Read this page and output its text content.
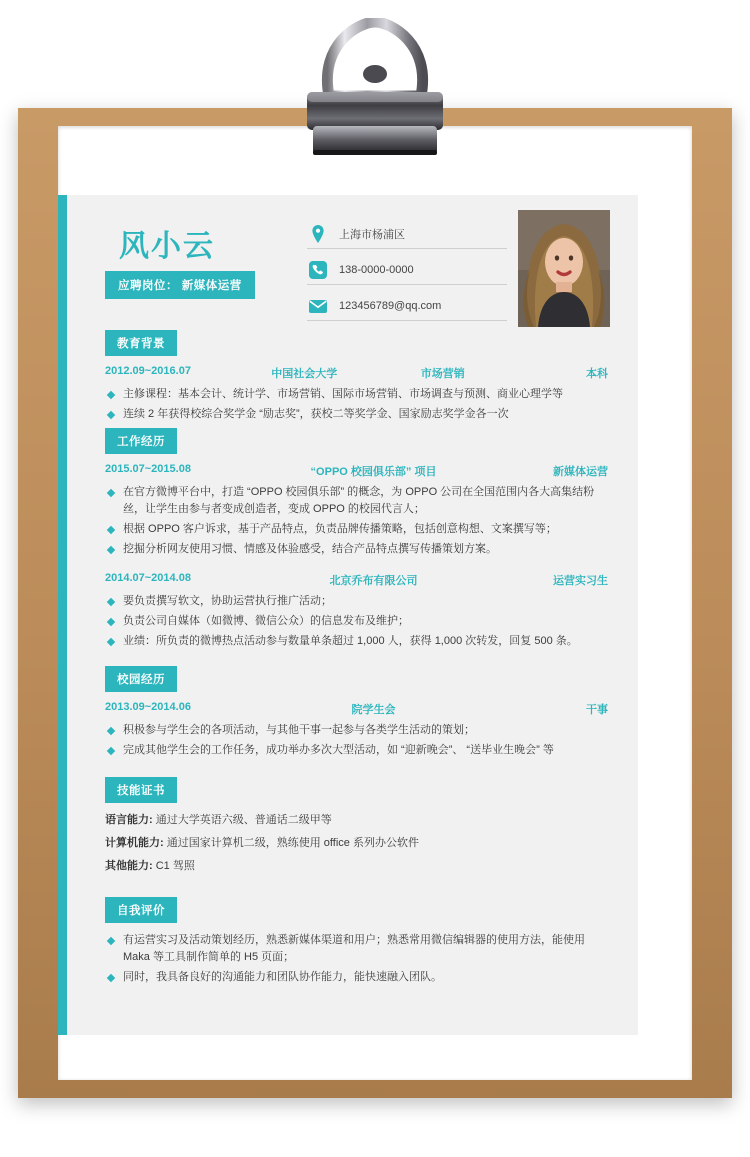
风小云
应聘岗位： 新媒体运营
上海市杨浦区
138-0000-0000
123456789@qq.com
教育背景
2012.09~2016.07	中国社会大学	市场营销	本科
主修课程：基本会计、统计学、市场营销、国际市场营销、市场调查与预测、商业心理学等
连续 2 年获得校综合奖学金 “励志奖”，获校二等奖学金、国家励志奖学金各一次
工作经历
2015.07~2015.08	“OPPO 校园俱乐部” 项目	新媒体运营
在官方微博平台中，打造 “OPPO 校园俱乐部” 的概念，为 OPPO 公司在全国范围内各大高集结粉丝，让学生由参与者变成创造者，变成 OPPO 的校园代言人；
根据 OPPO 客户诉求，基于产品特点，负责品牌传播策略，包括创意构想、文案撰写等；
挖掘分析网友使用习惯、情感及体验感受，结合产品特点撰写传播策划方案。
2014.07~2014.08	北京乔布有限公司	运营实习生
要负责撰写软文，协助运营执行推广活动；
负责公司自媒体（如微博、微信公众）的信息发布及维护；
业绩：所负责的微博热点活动参与数量单条超过 1,000 人，获得 1,000 次转发，回复 500 条。
校园经历
2013.09~2014.06	院学生会	干事
积极参与学生会的各项活动，与其他干事一起参与各类学生活动的策划；
完成其他学生会的工作任务，成功举办多次大型活动，如 “迎新晚会”、 “送毕业生晚会” 等
技能证书
语言能力: 通过大学英语六级、普通话二级甲等
计算机能力: 通过国家计算机二级，熟练使用 office 系列办公软件
其他能力: C1 驾照
自我评价
有运营实习及活动策划经历，熟悉新媒体渠道和用户；熟悉常用微信编辑器的使用方法，能使用 Maka 等工具制作简单的 H5 页面；
同时，我具备良好的沟通能力和团队协作能力，能快速融入团队。
